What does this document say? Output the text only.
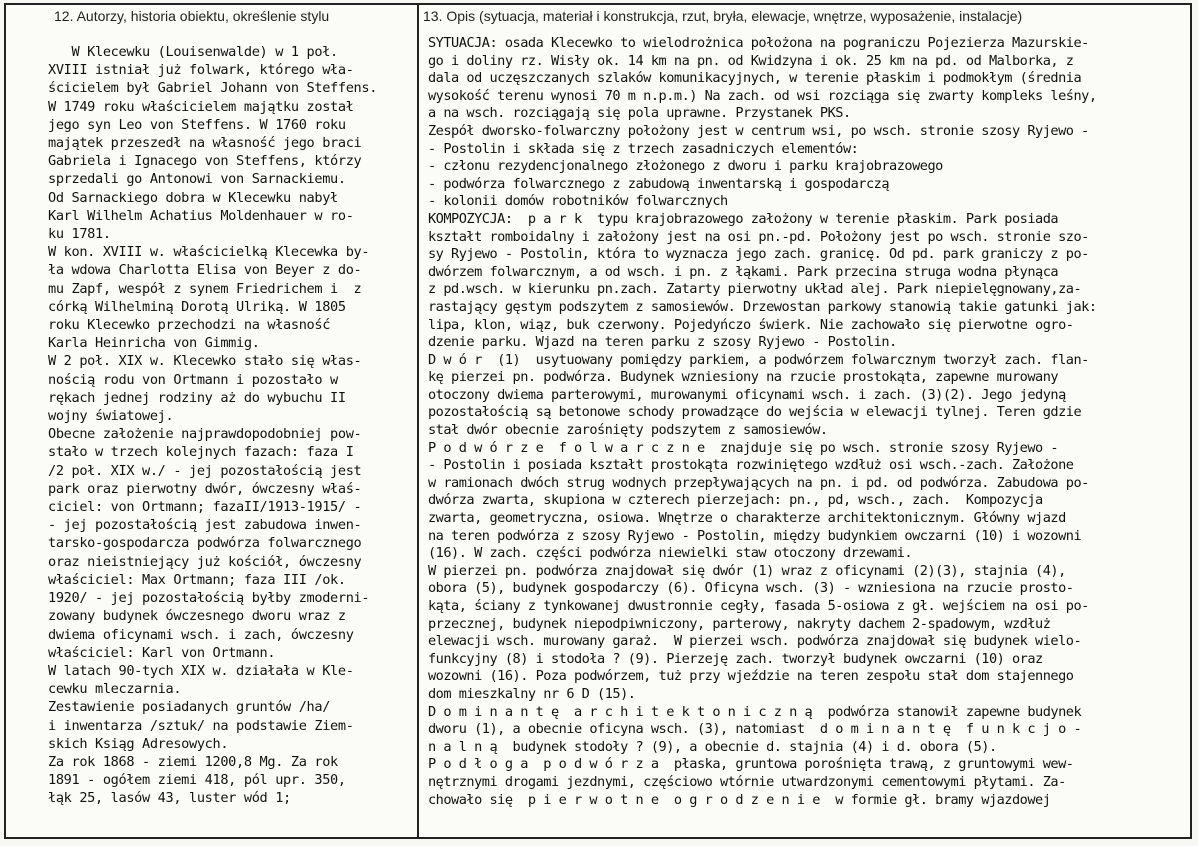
12. Autorzy, historia obiektu, określenie stylu	13. Opis (sytuacja, materiał i konstrukcja, rzut, bryła, elewacje, wnętrze, wyposażenie, instalacje)
W Klecewku (Louisenwalde) w 1 poł.
XVIII istniał już folwark, którego wła-
ścicielem był Gabriel Johann von Steffens.
W 1749 roku właścicielem majątku został
jego syn Leo von Steffens. W 1760 roku
majątek przeszedł na własność jego braci
Gabriela i Ignacego von Steffens, którzy
sprzedali go Antonowi von Sarnackiemu.
Od Sarnackiego dobra w Klecewku nabył
Karl Wilhelm Achatius Moldenhauer w ro-
ku 1781.
W kon. XVIII w. właścicielką Klecewka by-
ła wdowa Charlotta Elisa von Beyer z do-
mu Zapf, wespół z synem Friedrichem i  z
córką Wilhelminą Dorotą Ulriką. W 1805
roku Klecewko przechodzi na własność
Karla Heinricha von Gimmig.
W 2 poł. XIX w. Klecewko stało się włas-
nością rodu von Ortmann i pozostało w
rękach jednej rodziny aż do wybuchu II
wojny światowej.
Obecne założenie najprawdopodobniej pow-
stało w trzech kolejnych fazach: faza I
/2 poł. XIX w./ - jej pozostałością jest
park oraz pierwotny dwór, ówczesny właś-
ciciel: von Ortmann; fazaII/1913-1915/ -
- jej pozostałością jest zabudowa inwen-
tarsko-gospodarcza podwórza folwarcznego
oraz nieistniejący już kościół, ówczesny
właściciel: Max Ortmann; faza III /ok.
1920/ - jej pozostałością byłby zmoderni-
zowany budynek ówczesnego dworu wraz z
dwiema oficynami wsch. i zach, ówczesny
właściciel: Karl von Ortmann.
W latach 90-tych XIX w. działała w Kle-
cewku mleczarnia.
Zestawienie posiadanych gruntów /ha/
i inwentarza /sztuk/ na podstawie Ziem-
skich Ksiąg Adresowych.
Za rok 1868 - ziemi 1200,8 Mg. Za rok
1891 - ogółem ziemi 418, pól upr. 350,
łąk 25, lasów 43, luster wód 1;
SYTUACJA: osada Klecewko to wielodrożnica położona na pograniczu Pojezierza Mazurskie-
go i doliny rz. Wisły ok. 14 km na pn. od Kwidzyna i ok. 25 km na pd. od Malborka, z
dala od uczęszczanych szlaków komunikacyjnych, w terenie płaskim i podmokłym (średnia
wysokość terenu wynosi 70 m n.p.m.) Na zach. od wsi rozciąga się zwarty kompleks leśny,
a na wsch. rozciągają się pola uprawne. Przystanek PKS.
Zespół dworsko-folwarczny położony jest w centrum wsi, po wsch. stronie szosy Ryjewo -
- Postolin i składa się z trzech zasadniczych elementów:
- członu rezydencjonalnego złożonego z dworu i parku krajobrazowego
- podwórza folwarcznego z zabudową inwentarską i gospodarczą
- kolonii domów robotników folwarcznych
KOMPOZYCJA:  p a r k  typu krajobrazowego założony w terenie płaskim. Park posiada
kształt romboidalny i założony jest na osi pn.-pd. Położony jest po wsch. stronie szo-
sy Ryjewo - Postolin, która to wyznacza jego zach. granicę. Od pd. park graniczy z po-
dwórzem folwarcznym, a od wsch. i pn. z łąkami. Park przecina struga wodna płynąca
z pd.wsch. w kierunku pn.zach. Zatarty pierwotny układ alej. Park niepielęgnowany,za-
rastający gęstym podszytem z samosiewów. Drzewostan parkowy stanowią takie gatunki jak:
lipa, klon, wiąz, buk czerwony. Pojedyńczo świerk. Nie zachowało się pierwotne ogro-
dzenie parku. Wjazd na teren parku z szosy Ryjewo - Postolin.
D w ó r  (1)  usytuowany pomiędzy parkiem, a podwórzem folwarcznym tworzył zach. flan-
kę pierzei pn. podwórza. Budynek wzniesiony na rzucie prostokąta, zapewne murowany
otoczony dwiema parterowymi, murowanymi oficynami wsch. i zach. (3)(2). Jego jedyną
pozostałością są betonowe schody prowadzące do wejścia w elewacji tylnej. Teren gdzie
stał dwór obecnie zarośnięty podszytem z samosiewów.
P o d w ó r z e  f o l w a r c z n e  znajduje się po wsch. stronie szosy Ryjewo -
- Postolin i posiada kształt prostokąta rozwiniętego wzdłuż osi wsch.-zach. Założone
w ramionach dwóch strug wodnych przepływających na pn. i pd. od podwórza. Zabudowa po-
dwórza zwarta, skupiona w czterech pierzejach: pn., pd, wsch., zach.  Kompozycja
zwarta, geometryczna, osiowa. Wnętrze o charakterze architektonicznym. Główny wjazd
na teren podwórza z szosy Ryjewo - Postolin, między budynkiem owczarni (10) i wozowni
(16). W zach. części podwórza niewielki staw otoczony drzewami.
W pierzei pn. podwórza znajdował się dwór (1) wraz z oficynami (2)(3), stajnia (4),
obora (5), budynek gospodarczy (6). Oficyna wsch. (3) - wzniesiona na rzucie prosto-
kąta, ściany z tynkowanej dwustronnie cegły, fasada 5-osiowa z gł. wejściem na osi po-
przecznej, budynek niepodpiwniczony, parterowy, nakryty dachem 2-spadowym, wzdłuż
elewacji wsch. murowany garaż.  W pierzei wsch. podwórza znajdował się budynek wielo-
funkcyjny (8) i stodoła ? (9). Pierzeję zach. tworzył budynek owczarni (10) oraz
wozowni (16). Poza podwórzem, tuż przy wjeździe na teren zespołu stał dom stajennego
dom mieszkalny nr 6 D (15).
D o m i n a n t ę  a r c h i t e k t o n i c z n ą  podwórza stanowił zapewne budynek
dworu (1), a obecnie oficyna wsch. (3), natomiast  d o m i n a n t ę  f u n k c j o -
n a l n ą  budynek stodoły ? (9), a obecnie d. stajnia (4) i d. obora (5).
P o d ł o g a  p o d w ó r z a  płaska, gruntowa porośnięta trawą, z gruntowymi wew-
nętrznymi drogami jezdnymi, częściowo wtórnie utwardzonymi cementowymi płytami. Za-
chowało się  p i e r w o t n e  o g r o d z e n i e  w formie gł. bramy wjazdowej
